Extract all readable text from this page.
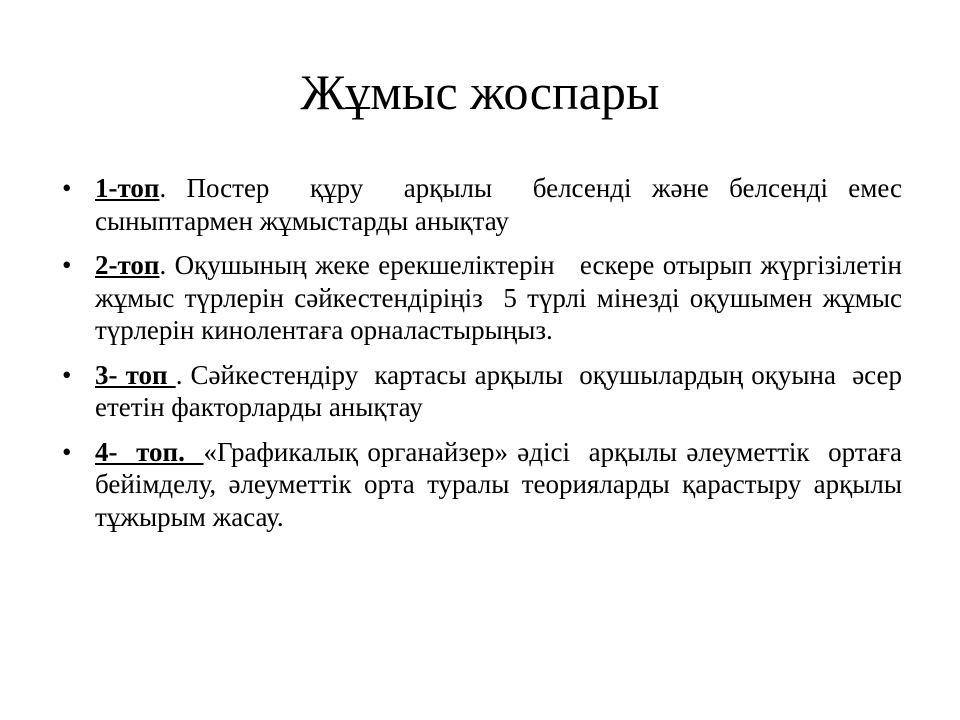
Жұмыс жоспары
• 1-топ. Постер  құру  арқылы  белсенді және белсенді емес сыныптармен жұмыстарды анықтау
• 2-топ. Оқушының жеке ерекшеліктерін   ескере отырып жүргізілетін жұмыс түрлерін сәйкестендіріңіз  5 түрлі мінезді оқушымен жұмыс түрлерін кинолентаға орналастырыңыз.
• 3- топ . Сәйкестендіру  картасы арқылы  оқушылардың оқуына  әсер ететін факторларды анықтау
• 4-  топ.  «Графикалық органайзер» әдісі  арқылы әлеуметтік  ортаға бейімделу, әлеуметтік орта туралы теорияларды қарастыру арқылы тұжырым жасау.
